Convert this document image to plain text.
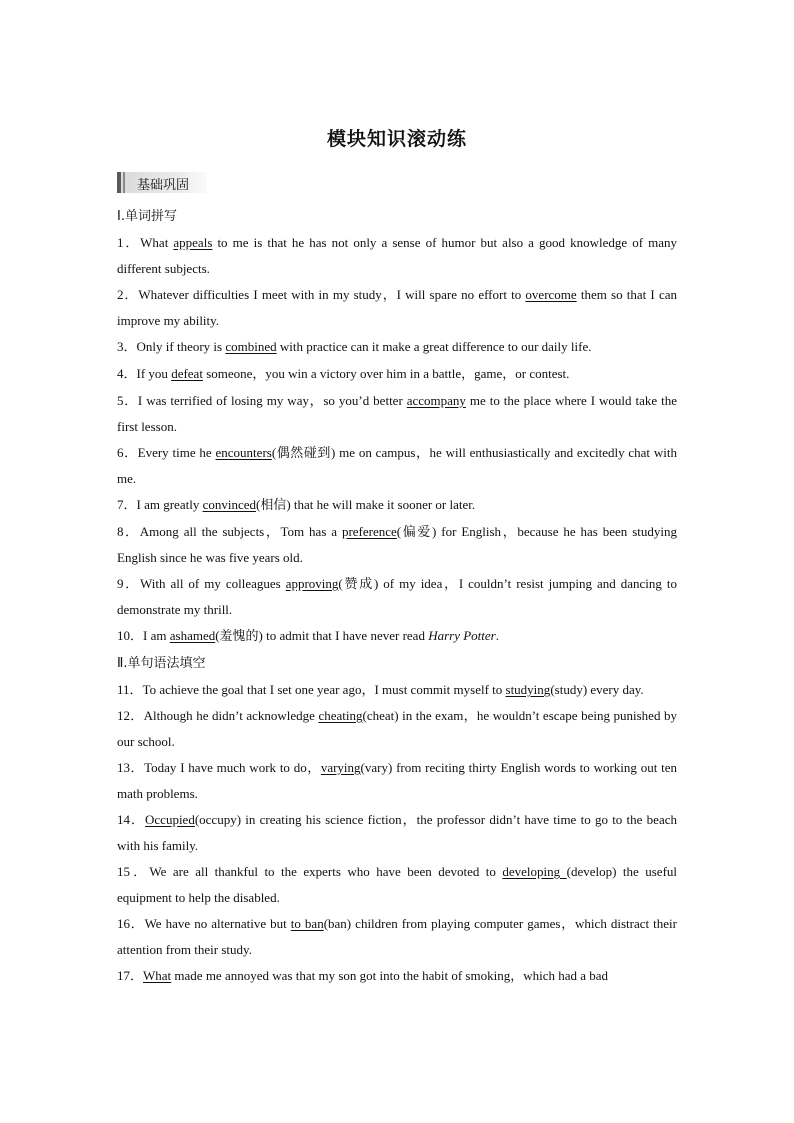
模块知识滚动练
基础巩固
Ⅰ.单词拼写
1．What appeals to me is that he has not only a sense of humor but also a good knowledge of many different subjects.
2．Whatever difficulties I meet with in my study，I will spare no effort to overcome them so that I can improve my ability.
3．Only if theory is combined with practice can it make a great difference to our daily life.
4．If you defeat someone，you win a victory over him in a battle，game，or contest.
5．I was terrified of losing my way，so you’d better accompany me to the place where I would take the first lesson.
6．Every time he encounters(偶然碰到) me on campus，he will enthusiastically and excitedly chat with me.
7．I am greatly convinced(相信) that he will make it sooner or later.
8．Among all the subjects，Tom has a preference(偏爱) for English，because he has been studying English since he was five years old.
9．With all of my colleagues approving(赞成) of my idea，I couldn’t resist jumping and dancing to demonstrate my thrill.
10．I am ashamed(羞愧的) to admit that I have never read Harry Potter.
Ⅱ.单句语法填空
11．To achieve the goal that I set one year ago，I must commit myself to studying(study) every day.
12．Although he didn’t acknowledge cheating(cheat) in the exam，he wouldn’t escape being punished by our school.
13．Today I have much work to do，varying(vary) from reciting thirty English words to working out ten math problems.
14．Occupied(occupy) in creating his science fiction，the professor didn’t have time to go to the beach with his family.
15．We are all thankful to the experts who have been devoted to developing (develop) the useful equipment to help the disabled.
16．We have no alternative but to ban(ban) children from playing computer games，which distract their attention from their study.
17．What made me annoyed was that my son got into the habit of smoking，which had a bad
